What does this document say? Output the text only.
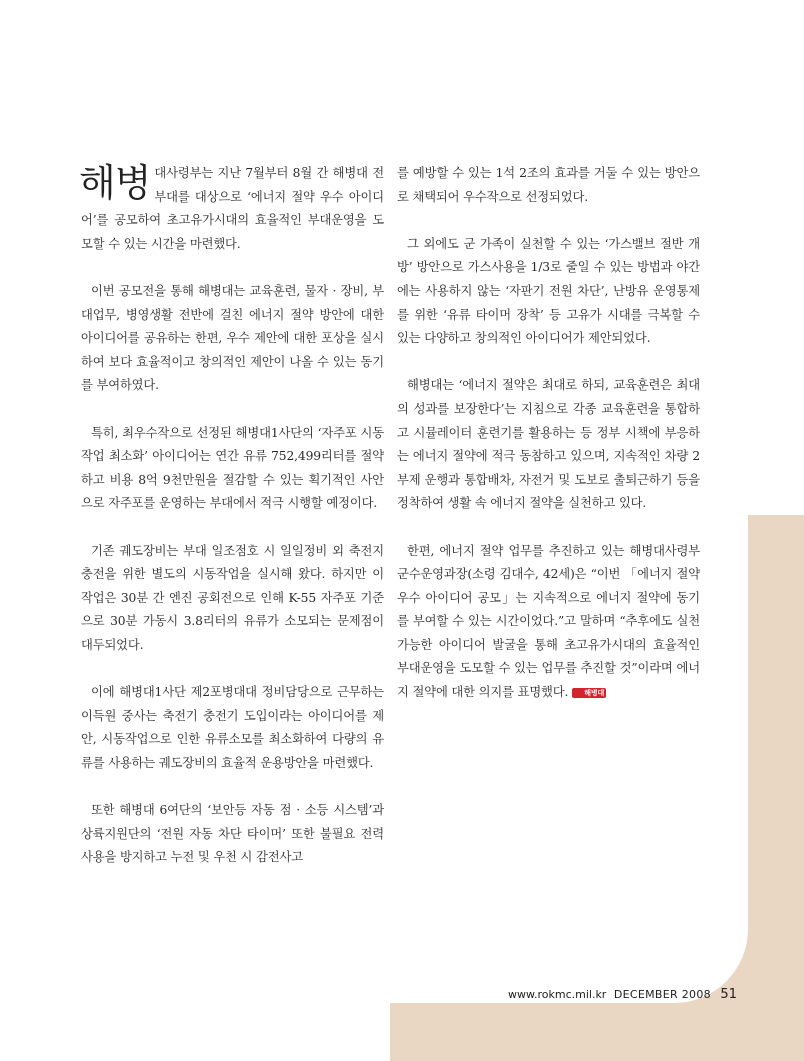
해병 대사령부는 지난 7월부터 8월 간 해병대 전 부대를 대상으로 ‘에너지 절약 우수 아이디어’를 공모하여 초고유가시대의 효율적인 부대운영을 도모할 수 있는 시간을 마련했다.

이번 공모전을 통해 해병대는 교육훈련, 물자 · 장비, 부대업무, 병영생활 전반에 걸친 에너지 절약 방안에 대한 아이디어를 공유하는 한편, 우수 제안에 대한 포상을 실시하여 보다 효율적이고 창의적인 제안이 나올 수 있는 동기를 부여하였다.

특히, 최우수작으로 선정된 해병대1사단의 ‘자주포 시동작업 최소화’ 아이디어는 연간 유류 752,499리터를 절약하고 비용 8억 9천만원을 절감할 수 있는 획기적인 사안으로 자주포를 운영하는 부대에서 적극 시행할 예정이다.

기존 궤도장비는 부대 일조점호 시 일일정비 외 축전지 충전을 위한 별도의 시동작업을 실시해 왔다. 하지만 이 작업은 30분 간 엔진 공회전으로 인해 K-55 자주포 기준으로 30분 가동시 3.8리터의 유류가 소모되는 문제점이 대두되었다.

이에 해병대1사단 제2포병대대 정비담당으로 근무하는 이득원 중사는 축전기 충전기 도입이라는 아이디어를 제안, 시동작업으로 인한 유류소모를 최소화하여 다량의 유류를 사용하는 궤도장비의 효율적 운용방안을 마련했다.

또한 해병대 6여단의 ‘보안등 자동 점 · 소등 시스템’과 상륙지원단의 ‘전원 자동 차단 타이머’ 또한 불필요 전력사용을 방지하고 누전 및 우천 시 감전사고

를 예방할 수 있는 1석 2조의 효과를 거둘 수 있는 방안으로 채택되어 우수작으로 선정되었다.

그 외에도 군 가족이 실천할 수 있는 ‘가스밸브 절반 개방’ 방안으로 가스사용을 1/3로 줄일 수 있는 방법과 야간에는 사용하지 않는 ‘자판기 전원 차단’, 난방유 운영통제를 위한 ‘유류 타이머 장착’ 등 고유가 시대를 극복할 수 있는 다양하고 창의적인 아이디어가 제안되었다.

해병대는 ‘에너지 절약은 최대로 하되, 교육훈련은 최대의 성과를 보장한다’는 지침으로 각종 교육훈련을 통합하고 시뮬레이터 훈련기를 활용하는 등 정부 시책에 부응하는 에너지 절약에 적극 동참하고 있으며, 지속적인 차량 2부제 운행과 통합배차, 자전거 및 도보로 출퇴근하기 등을 정착하여 생활 속 에너지 절약을 실천하고 있다.

한편, 에너지 절약 업무를 추진하고 있는 해병대사령부 군수운영과장(소령 김대수, 42세)은 “이번 「에너지 절약 우수 아이디어 공모」는 지속적으로 에너지 절약에 동기를 부여할 수 있는 시간이었다.”고 말하며 “추후에도 실천 가능한 아이디어 발굴을 통해 초고유가시대의 효율적인 부대운영을 도모할 수 있는 업무를 추진할 것”이라며 에너지 절약에 대한 의지를 표명했다. 해병대

www.rokmc.mil.kr DECEMBER 2008 51
